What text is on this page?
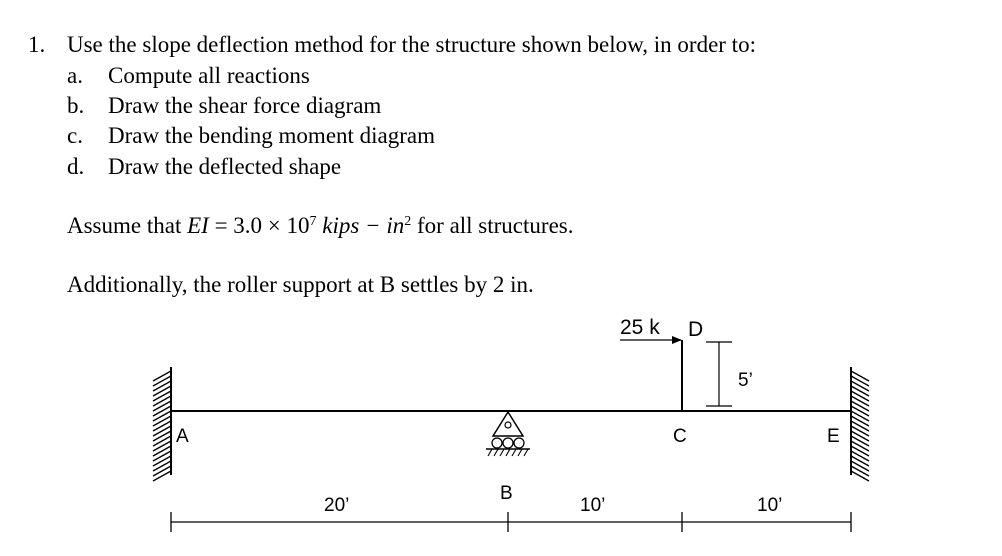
1. Use the slope deflection method for the structure shown below, in order to:
a. Compute all reactions
b. Draw the shear force diagram
c. Draw the bending moment diagram
d. Draw the deflected shape
Assume that EI = $3.0 \times 10^7$ kips − $in^2$ for all structures.
Additionally, the roller support at B settles by 2 in.
25 k D
5’
A	C	E
B
20’	10’	10’
